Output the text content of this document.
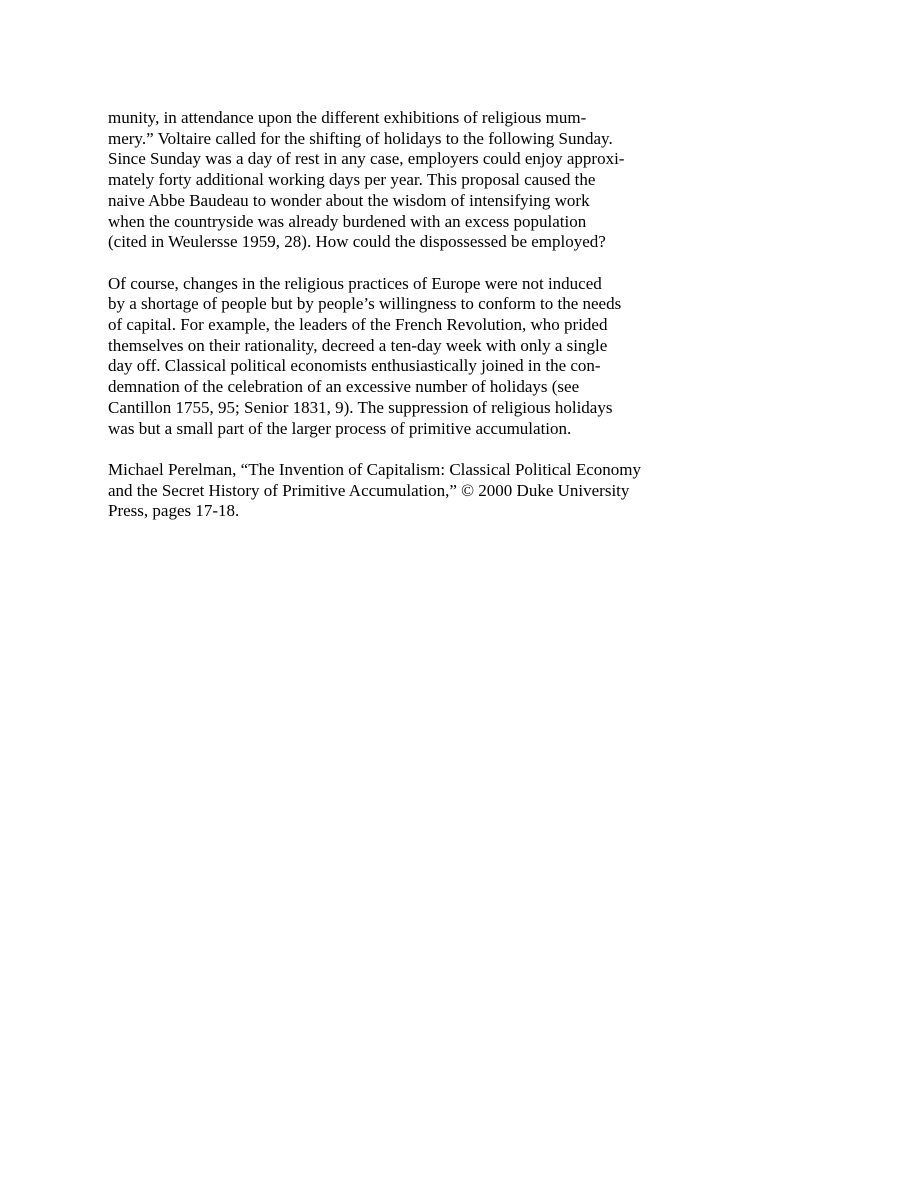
munity, in attendance upon the different exhibitions of religious mum-
mery.” Voltaire called for the shifting of holidays to the following Sunday.
Since Sunday was a day of rest in any case, employers could enjoy approxi-
mately forty additional working days per year. This proposal caused the
naive Abbe Baudeau to wonder about the wisdom of intensifying work
when the countryside was already burdened with an excess population
(cited in Weulersse 1959, 28). How could the dispossessed be employed?

Of course, changes in the religious practices of Europe were not induced
by a shortage of people but by people’s willingness to conform to the needs
of capital. For example, the leaders of the French Revolution, who prided
themselves on their rationality, decreed a ten-day week with only a single
day off. Classical political economists enthusiastically joined in the con-
demnation of the celebration of an excessive number of holidays (see
Cantillon 1755, 95; Senior 1831, 9). The suppression of religious holidays
was but a small part of the larger process of primitive accumulation.

Michael Perelman, “The Invention of Capitalism: Classical Political Economy
and the Secret History of Primitive Accumulation,” © 2000 Duke University
Press, pages 17-18.
